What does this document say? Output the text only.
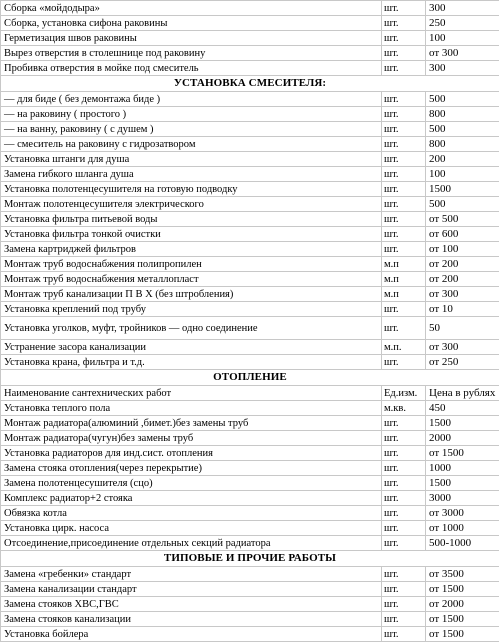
Сборка «мойдодыра»	шт.	300
Сборка, установка сифона раковины	шт.	250
Герметизация швов раковины	шт.	100
Вырез отверстия в столешнице под раковину	шт.	от 300
Пробивка отверстия в мойке под смеситель	шт.	300
УСТАНОВКА СМЕСИТЕЛЯ:		
— для биде ( без демонтажа биде )	шт.	500
— на раковину ( простого )	шт.	800
— на ванну, раковину ( с душем )	шт.	500
— смеситель на раковину с гидрозатвором	шт.	800
Установка штанги для душа	шт.	200
Замена гибкого шланга душа	шт.	100
Установка полотенцесушителя на готовую подводку	шт.	1500
Монтаж полотенцесушителя электрического	шт.	500
Установка фильтра питьевой воды	шт.	от 500
Установка фильтра тонкой очистки	шт.	от 600
Замена картриджей фильтров	шт.	от 100
Монтаж труб водоснабжения полипропилен	м.п	от 200
Монтаж труб водоснабжения металлопласт	м.п	от 200
Монтаж труб канализации П В Х (без штробления)	м.п	от 300
Установка креплений под трубу	шт.	от 10
Установка уголков, муфт, тройников — одно соединение	шт.	50
Устранение засора канализации	м.п.	от 300
Установка крана, фильтра и т.д.	шт.	от 250
ОТОПЛЕНИЕ		
Наименование сантехнических работ	Ед.изм.	Цена в рублях
Установка теплого пола	м.кв.	450
Монтаж радиатора(алюминий ,бимет.)без замены труб	шт.	1500
Монтаж радиатора(чугун)без замены труб	шт.	2000
Установка радиаторов для инд.сист. отопления	шт.	от 1500
Замена стояка отопления(через перекрытие)	шт.	1000
Замена полотенцесушителя (сцо)	шт.	1500
Комплекс радиатор+2 стояка	шт.	3000
Обвязка котла	шт.	от 3000
Установка цирк. насоса	шт.	от 1000
Отсоединение,присоединение отдельных секций радиатора	шт.	500-1000
ТИПОВЫЕ И ПРОЧИЕ РАБОТЫ		
Замена «гребенки» стандарт	шт.	от 3500
Замена канализации стандарт	шт.	от 1500
Замена стояков ХВС,ГВС	шт.	от 2000
Замена стояков канализации	шт.	от 1500
Установка бойлера	шт.	от 1500
